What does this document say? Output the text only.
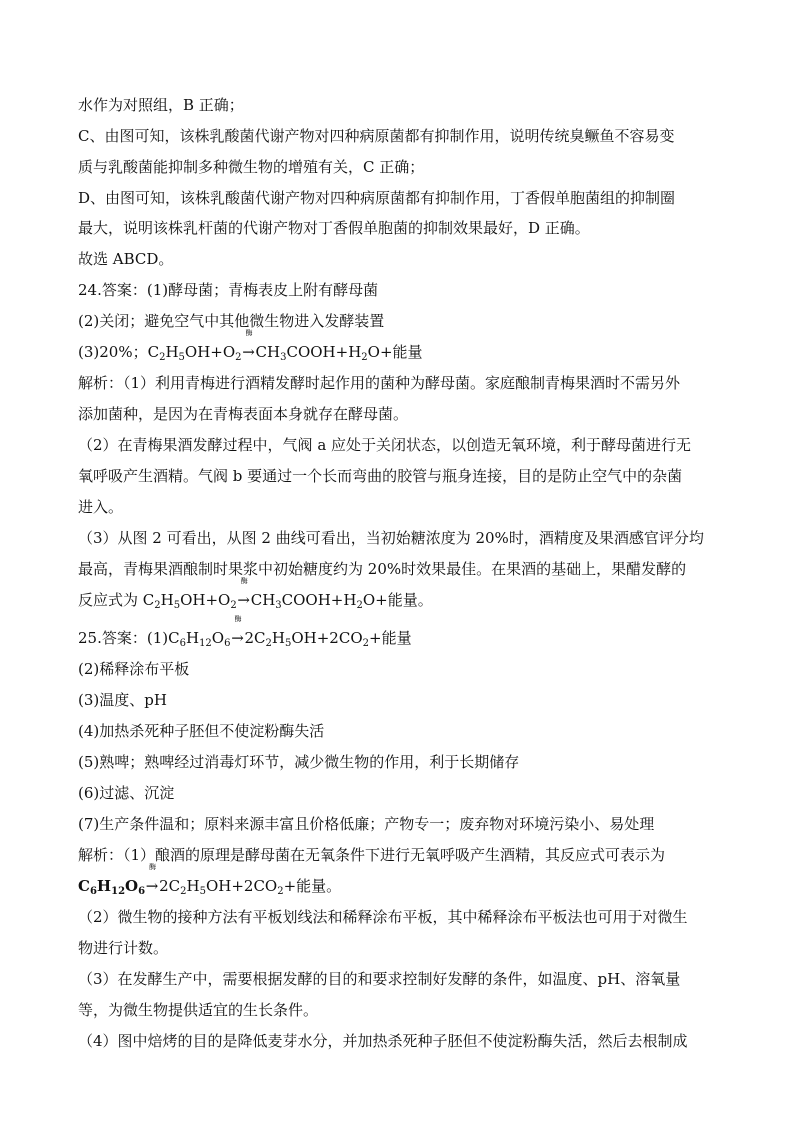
水作为对照组，B 正确；
C、由图可知，该株乳酸菌代谢产物对四种病原菌都有抑制作用，说明传统臭鳜鱼不容易变
质与乳酸菌能抑制多种微生物的增殖有关，C 正确；
D、由图可知，该株乳酸菌代谢产物对四种病原菌都有抑制作用，丁香假单胞菌组的抑制圈
最大，说明该株乳杆菌的代谢产物对丁香假单胞菌的抑制效果最好，D 正确。
故选 ABCD。
24.答案：(1)酵母菌；青梅表皮上附有酵母菌
(2)关闭；避免空气中其他微生物进入发酵装置
(3)20%；$C_2H_5OH+O_2$
酶
$\to CH_3COOH+H_2O+$能量
解析：（1）利用青梅进行酒精发酵时起作用的菌种为酵母菌。家庭酿制青梅果酒时不需另外
添加菌种，是因为在青梅表面本身就存在酵母菌。
（2）在青梅果酒发酵过程中，气阀 a 应处于关闭状态，以创造无氧环境，利于酵母菌进行无
氧呼吸产生酒精。气阀 b 要通过一个长而弯曲的胶管与瓶身连接，目的是防止空气中的杂菌
进入。
（3）从图 2 可看出，从图 2 曲线可看出，当初始糖浓度为 20%时，酒精度及果酒感官评分均
最高，青梅果酒酿制时果浆中初始糖度约为 20%时效果最佳。在果酒的基础上，果醋发酵的
反应式为 $C_2H_5OH+O_2$
酶
$\to CH_3COOH+H_2O+$能量。
25.答案：$(1)C_6H_{12}O_6$
酶
$\to 2C_2H_5OH+2CO_2+$能量
(2)稀释涂布平板
(3)温度、pH
(4)加热杀死种子胚但不使淀粉酶失活
(5)熟啤；熟啤经过消毒灯环节，减少微生物的作用，利于长期储存
(6)过滤、沉淀
(7)生产条件温和；原料来源丰富且价格低廉；产物专一；废弃物对环境污染小、易处理
解析：（1）酿酒的原理是酵母菌在无氧条件下进行无氧呼吸产生酒精，其反应式可表示为
$C_6H_{12}O_6$
酶
$\to 2C_2H_5OH+2CO_2+$能量。
（2）微生物的接种方法有平板划线法和稀释涂布平板，其中稀释涂布平板法也可用于对微生
物进行计数。
（3）在发酵生产中，需要根据发酵的目的和要求控制好发酵的条件，如温度、pH、溶氧量
等，为微生物提供适宜的生长条件。
（4）图中焙烤的目的是降低麦芽水分，并加热杀死种子胚但不使淀粉酶失活，然后去根制成
